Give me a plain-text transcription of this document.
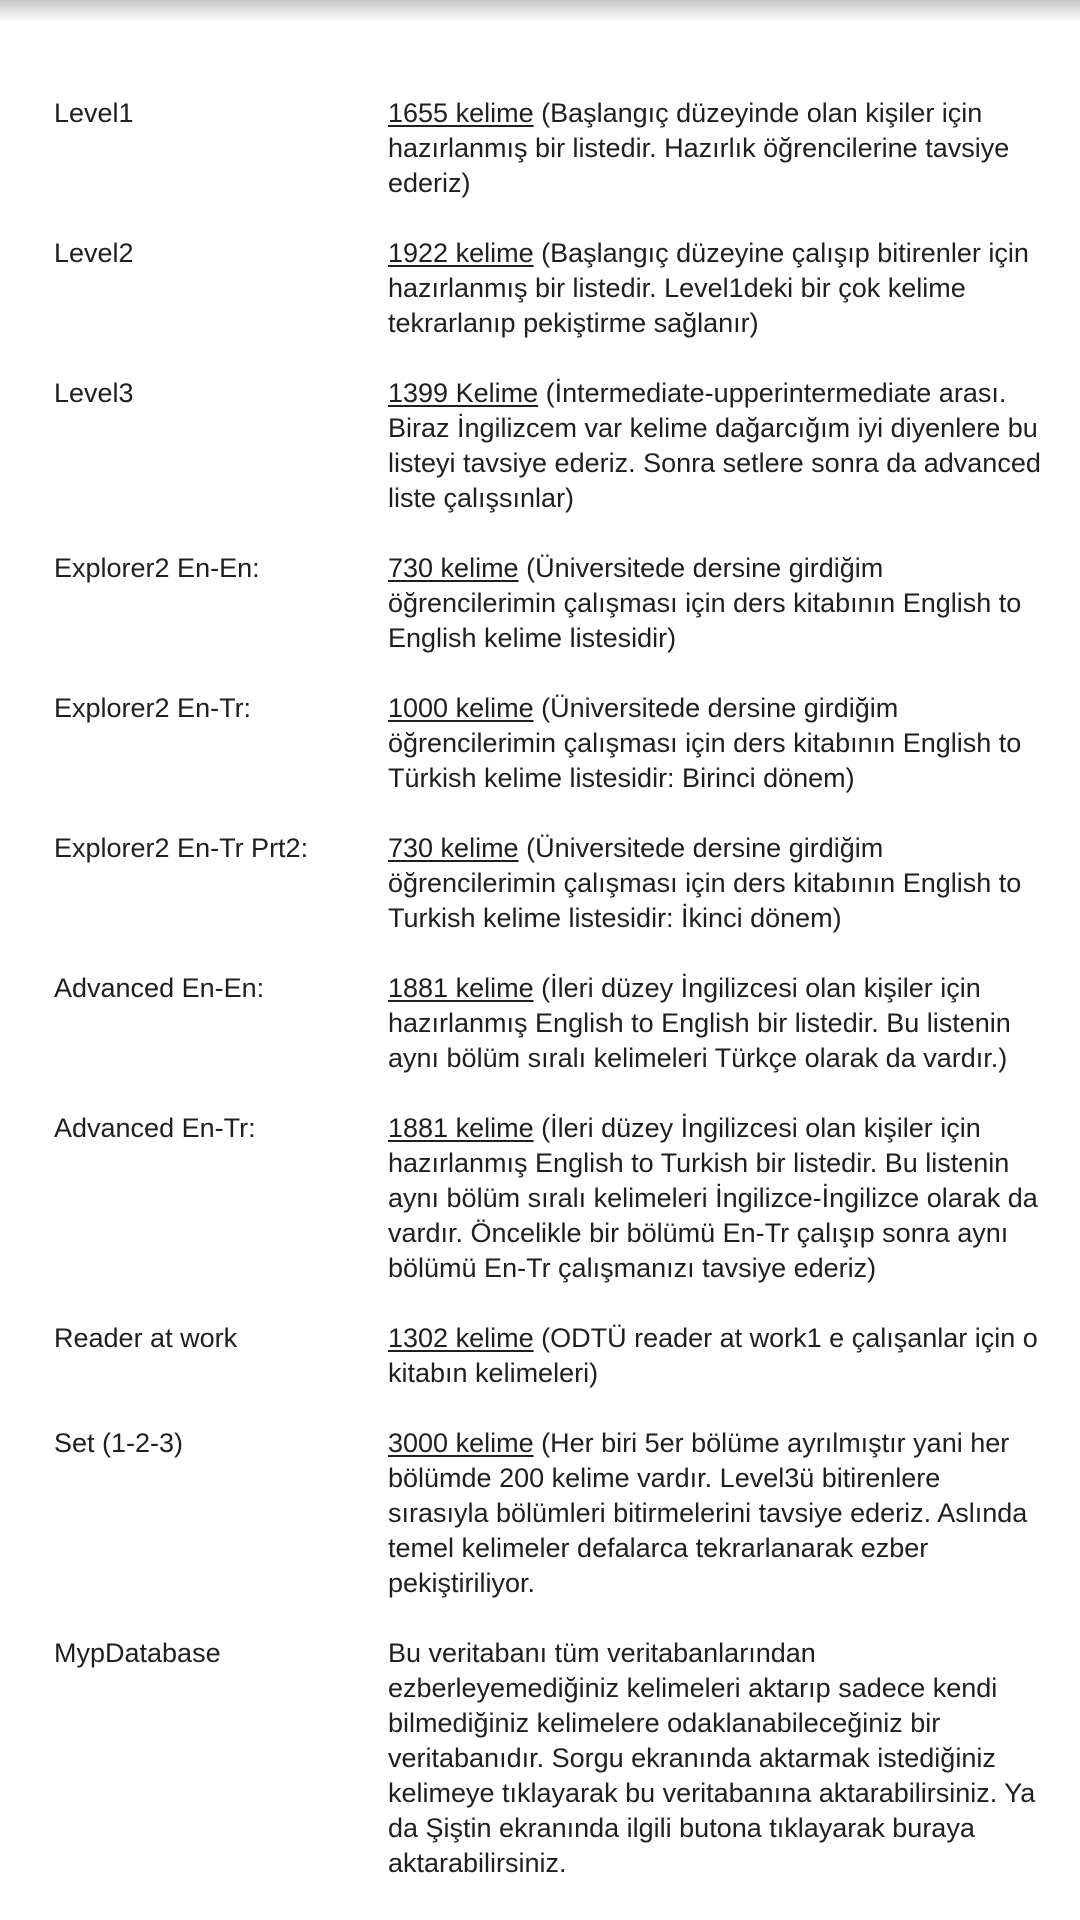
Level1	1655 kelime (Başlangıç düzeyinde olan kişiler için hazırlanmış bir listedir. Hazırlık öğrencilerine tavsiye ederiz)
Level2	1922 kelime (Başlangıç düzeyine çalışıp bitirenler için hazırlanmış bir listedir. Level1deki bir çok kelime tekrarlanıp pekiştirme sağlanır)
Level3	1399 Kelime (İntermediate-upperintermediate arası. Biraz İngilizcem var kelime dağarcığım iyi diyenlere bu listeyi tavsiye ederiz. Sonra setlere sonra da advanced liste çalışsınlar)
Explorer2 En-En:	730 kelime (Üniversitede dersine girdiğim öğrencilerimin çalışması için ders kitabının English to English kelime listesidir)
Explorer2 En-Tr:	1000 kelime (Üniversitede dersine girdiğim öğrencilerimin çalışması için ders kitabının English to Türkish kelime listesidir: Birinci dönem)
Explorer2 En-Tr Prt2:	730 kelime (Üniversitede dersine girdiğim öğrencilerimin çalışması için ders kitabının English to Turkish kelime listesidir: İkinci dönem)
Advanced En-En:	1881 kelime (İleri düzey İngilizcesi olan kişiler için hazırlanmış English to English bir listedir. Bu listenin aynı bölüm sıralı kelimeleri Türkçe olarak da vardır.)
Advanced En-Tr:	1881 kelime (İleri düzey İngilizcesi olan kişiler için hazırlanmış English to Turkish bir listedir. Bu listenin aynı bölüm sıralı kelimeleri İngilizce-İngilizce olarak da vardır. Öncelikle bir bölümü En-Tr çalışıp sonra aynı bölümü En-Tr çalışmanızı tavsiye ederiz)
Reader at work	1302 kelime (ODTÜ reader at work1 e çalışanlar için o kitabın kelimeleri)
Set (1-2-3)	3000 kelime (Her biri 5er bölüme ayrılmıştır yani her bölümde 200 kelime vardır. Level3ü bitirenlere sırasıyla bölümleri bitirmelerini tavsiye ederiz. Aslında temel kelimeler defalarca tekrarlanarak ezber pekiştiriliyor.
MypDatabase	Bu veritabanı tüm veritabanlarından ezberleyemediğiniz kelimeleri aktarıp sadece kendi bilmediğiniz kelimelere odaklanabileceğiniz bir veritabanıdır. Sorgu ekranında aktarmak istediğiniz kelimeye tıklayarak bu veritabanına aktarabilirsiniz. Ya da Şiştin ekranında ilgili butona tıklayarak buraya aktarabilirsiniz.
